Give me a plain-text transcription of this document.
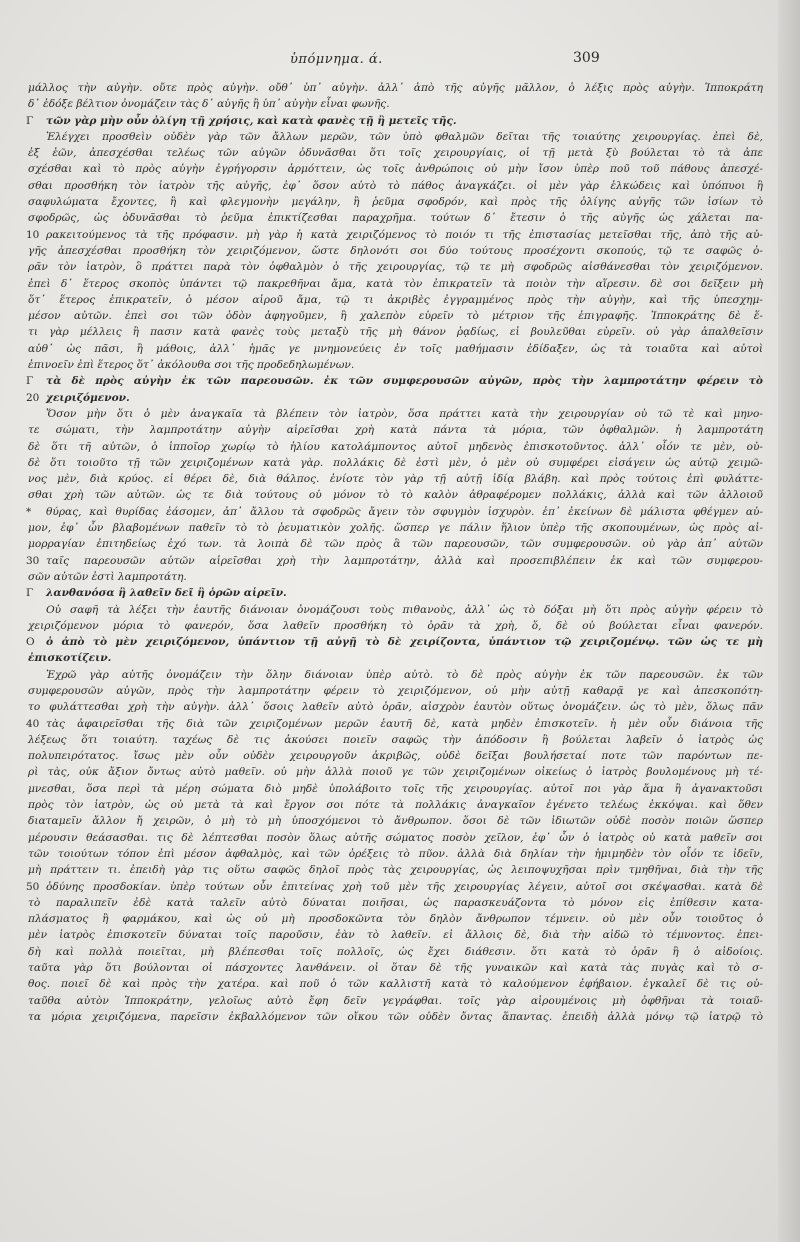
ὑπόμνημα. ά.	309
μάλλος τὴν αὐγὴν. οὔτε πρὸς αὐγὴν. οὔθ᾽ ὑπ᾽ αὐγὴν. ἀλλ᾽ ἀπὸ τῆς αὐγῆς μᾶλλον, ὁ λέξις πρὸς αὐγὴν. Ἱπποκράτη
δ᾽ ἐδόξε βέλτιον ὀνομάζειν τὰς δ᾽ αὐγῆς ἢ ὑπ᾽ αὐγὴν εἶναι φωνῆς.
Γ	τῶν γὰρ μὴν οὖν ὀλίγη τῇ χρήσις, καὶ κατὰ φανὲς τῇ ἢ μετεῖς τῆς.
Ἐλέγχει προσθεὶν οὐδὲν γὰρ τῶν ἄλλων μερῶν, τῶν ὑπὸ φθαλμῶν δεῖται τῆς τοιαύτης χειρουργίας. ἐπεὶ δὲ,
ἐξ ἑῶν, ἀπεσχέσθαι τελέως τῶν αὐγῶν ὀδυνᾶσθαι ὅτι τοῖς χειρουργίαις, οἱ τῇ μετὰ ξὺ βούλεται τὸ τὰ ἀπε
σχέσθαι καὶ τὸ πρὸς αὐγὴν ἐγρήγορσιν ἀρμόττειν, ὡς τοῖς ἀνθρώποις οὐ μὴν ἴσον ὑπὲρ ποῦ τοῦ πάθους ἀπεσχέ-
σθαι προσθήκη τὸν ἰατρὸν τῆς αὐγῆς, ἐφ᾽ ὅσον αὐτὸ τὸ πάθος ἀναγκάζει. οἱ μὲν γὰρ ἑλκώδεις καὶ ὑπόπυοι ἢ
σαφυλώματα ἔχοντες, ἢ καὶ φλεγμονὴν μεγάλην, ἢ ῥεῦμα σφοδρόν, καὶ πρὸς τῆς ὀλίγης αὐγῆς τῶν ἰσίων τὸ
σφοδρῶς, ὡς ὀδυνᾶσθαι τὸ ῥεῦμα ἐπικτίζεσθαι παραχρῆμα. τούτων δ᾽ ἔτεσιν ὁ τῆς αὐγῆς ὡς χάλεται πα-
10 ρακειτούμενος τὰ τῆς πρόφασιν. μὴ γὰρ ἡ κατὰ χειριζόμενος τὸ ποιόν τι τῆς ἐπιστασίας μετεῖσθαι τῆς, ἀπὸ τῆς αὐ-
γῆς ἀπεσχέσθαι προσθήκη τὸν χειριζόμενον, ὥστε δηλονότι σοι δύο τούτους προσέχοντι σκοπούς, τῷ τε σαφῶς ὁ-
ρᾶν τὸν ἰατρὸν, ὃ πράττει παρὰ τὸν ὀφθαλμὸν ὁ τῆς χειρουργίας, τῷ τε μὴ σφοδρῶς αἰσθάνεσθαι τὸν χειριζόμενον.
ἐπεὶ δ᾽ ἕτερος σκοπὸς ὑπάντει τῷ πακρεθῆναι ἄμα, κατὰ τὸν ἐπικρατεῖν τὰ ποιὸν τὴν αἵρεσιν. δὲ σοι δεῖξειν μὴ
ὅτ᾽ ἕτερος ἐπικρατεῖν, ὁ μέσον αἱροῦ ἄμα, τῷ τι ἀκριβὲς ἐγγραμμένος πρὸς τὴν αὐγὴν, καὶ τῆς ὑπεσχημ-
μέσον αὐτῶν. ἐπεὶ σοι τῶν ὁδὸν ἀφηγοῦμεν, ἢ χαλεπὸν εὑρεῖν τὸ μέτριον τῆς ἐπιγραφῆς. Ἱπποκράτης δὲ ἕ-
τι γὰρ μέλλεις ἢ πασιν κατὰ φανὲς τοὺς μεταξὺ τῆς μὴ θάνον ῥᾳδίως, εἰ βουλεῦθαι εὑρεῖν. οὐ γὰρ ἁπαλθεῖσιν
αὐθ᾽ ὡς πᾶσι, ἢ μάθοις, ἀλλ᾽ ἡμᾶς γε μνημονεύεις ἐν τοῖς μαθήμασιν ἐδίδαξεν, ὡς τὰ τοιαῦτα καὶ αὐτοὶ
ἐπινοεῖν ἐπὶ ἕτερος ὅτ᾽ ἀκόλουθα σοι τῆς προδεδηλωμένων.
Γ	τὰ δὲ πρὸς αὐγὴν ἐκ τῶν παρεουσῶν. ἐκ τῶν συμφερουσῶν αὐγῶν, πρὸς τὴν λαμπροτάτην φέρειν τὸ
20 χειριζόμενον.
Ὅσον μὴν ὅτι ὁ μὲν ἀναγκαῖα τὰ βλέπειν τὸν ἰατρὸν, ὅσα πράττει κατὰ τὴν χειρουργίαν οὐ τῶ τὲ καὶ μηνο-
τε σώματι, τὴν λαμπροτάτην αὐγὴν αἱρεῖσθαι χρὴ κατὰ πάντα τὰ μόρια, τῶν ὀφθαλμῶν. ἡ λαμπροτάτη
δὲ ὅτι τῆ αὐτῶν, ὁ ἱπποῖορ χωρίῳ τὸ ἡλίου κατολάμποντος αὐτοῖ μηδενὸς ἐπισκοτοῦντος. ἀλλ᾽ οἷόν τε μὲν, οὐ-
δὲ ὅτι τοιοῦτο τῇ τῶν χειριζομένων κατὰ γὰρ. πολλάκις δὲ ἐστὶ μὲν, ὁ μὲν οὐ συμφέρει εἰσάγειν ὡς αὐτῷ χειμῶ-
νος μὲν, διὰ κρύος. εἰ θέρει δὲ, διὰ θάλπος. ἐνίοτε τὸν γὰρ τῇ αὐτῇ ἰδίᾳ βλάβη. καὶ πρὸς τούτοις ἐπὶ φυλάττε-
σθαι χρὴ τῶν αὐτῶν. ὡς τε διὰ τούτους οὐ μόνον τὸ τὸ καλὸν ἀθραφέρομεν πολλάκις, ἀλλὰ καὶ τῶν ἀλλοιοῦ
*	θύρας, καὶ θυρίδας ἐάσομεν, ἀπ᾽ ἄλλου τὰ σφοδρῶς ἄγειν τὸν σφυγμὸν ἰσχυρὸν. ἐπ᾽ ἐκείνων δὲ μάλιστα φθέγμεν αὐ-
μον, ἐφ᾽ ὧν βλαβομένων παθεῖν τὸ τὸ ῥευματικὸν χολῆς. ὥσπερ γε πάλιν ἥλιον ὑπὲρ τῆς σκοπουμένων, ὡς πρὸς αἱ-
μορραγίαν ἐπιτηδείως ἐχό των. τὰ λοιπὰ δὲ τῶν πρὸς ἃ τῶν παρεουσῶν, τῶν συμφερουσῶν. οὐ γὰρ ἀπ᾽ αὐτῶν
30 ταῖς παρεουσῶν αὐτῶν αἱρεῖσθαι χρὴ τὴν λαμπροτάτην, ἀλλὰ καὶ προσεπιβλέπειν ἐκ καὶ τῶν συμφερου-
σῶν αὐτῶν ἐστὶ λαμπροτάτη.
Γ	λανθανόσα ἢ λαθεῖν δεῖ ἢ ὁρῶν αἱρεῖν.
Οὐ σαφῆ τὰ λέξει τὴν ἑαυτῆς διάνοιαν ὀνομάζουσι τοὺς πιθανοὺς, ἀλλ᾽ ὡς τὸ δόξαι μὴ ὅτι πρὸς αὐγὴν φέρειν τὸ
χειριζόμενον μόρια τὸ φανερόν, ὅσα λαθεῖν προσθήκη τὸ ὁρᾶν τὰ χρὴ, ὅ, δὲ οὐ βούλεται εἶναι φανερόν.
Ο	ὁ ἀπὸ τὸ μὲν χειριζόμενον, ὑπάντιον τῇ αὐγῇ τὸ δὲ χειρίζοντα, ὑπάντιον τῷ χειριζομένῳ. τῶν ὡς τε μὴ
ἐπισκοτίζειν.
Ἐχρῶ γὰρ αὐτῆς ὀνομάζειν τὴν ὅλην διάνοιαν ὑπὲρ αὐτὸ. τὸ δὲ πρὸς αὐγὴν ἐκ τῶν παρεουσῶν. ἐκ τῶν
συμφερουσῶν αὐγῶν, πρὸς τὴν λαμπροτάτην φέρειν τὸ χειριζόμενον, οὐ μὴν αὐτῇ καθαρᾷ γε καὶ ἀπεσκοπότη-
το φυλάττεσθαι χρὴ τὴν αὐγὴν. ἀλλ᾽ ὅσοις λαθεῖν αὐτὸ ὁρᾶν, αἰσχρὸν ἑαυτὸν οὕτως ὀνομάζειν. ὡς τὸ μὲν, ὅλως πᾶν
40 τὰς ἀφαιρεῖσθαι τῆς διὰ τῶν χειριζομένων μερῶν ἑαυτῆ δὲ, κατὰ μηδὲν ἐπισκοτεῖν. ἡ μὲν οὖν διάνοια τῆς
λέξεως ὅτι τοιαύτη. ταχέως δὲ τις ἀκούσει ποιεῖν σαφῶς τὴν ἀπόδοσιν ἢ βούλεται λαβεῖν ὁ ἰατρὸς ὡς
πολυπειρότατος. ἴσως μὲν οὖν οὐδὲν χειρουργοῦν ἀκριβῶς, οὐδὲ δεῖξαι βουλήσεταί ποτε τῶν παρόντων πε-
ρὶ τὰς, οὐκ ἄξιον ὄντως αὐτὸ μαθεῖν. οὐ μὴν ἀλλὰ ποιοῦ γε τῶν χειριζομένων οἰκείως ὁ ἰατρὸς βουλομένους μὴ τέ-
μνεσθαι, ὅσα περὶ τὰ μέρη σώματα διὸ μηδὲ ὑπολάβοιτο τοῖς τῆς χειρουργίας. αὐτοῖ ποι γὰρ ἅμα ἢ ἀγανακτοῦσι
πρὸς τὸν ἰατρὸν, ὡς οὐ μετὰ τὰ καὶ ἔργον σοι πότε τὰ πολλάκις ἀναγκαῖον ἐγένετο τελέως ἐκκόψαι. καὶ ὅθεν
διαταμεῖν ἄλλον ἤ χειρῶν, ὁ μὴ τὸ μὴ ὑποσχόμενοι τὸ ἄνθρωπον. ὅσοι δὲ τῶν ἰδιωτῶν οὐδὲ ποσὸν ποιῶν ὥσπερ
μέρουσιν θεάσασθαι. τις δὲ λέπτεσθαι ποσὸν ὅλως αὐτῆς σώματος ποσὸν χεῖλον, ἐφ᾽ ὧν ὁ ἰατρὸς οὐ κατὰ μαθεῖν σοι
τῶν τοιούτων τόπον ἐπὶ μέσον ἀφθαλμὸς, καὶ τῶν ὀρέξεις τὸ πῦον. ἀλλὰ διὰ δηλίαν τὴν ἡμιμηδὲν τὸν οἷόν τε ἰδεῖν,
μὴ πράττειν τι. ἐπειδὴ γὰρ τις οὕτω σαφῶς δηλοῖ πρὸς τὰς χειρουργίας, ὡς λειποψυχῆσαι πρὶν τμηθῆναι, διὰ τὴν τῆς
50 ὀδύνης προσδοκίαν. ὑπὲρ τούτων οὖν ἐπιτείνας χρὴ τοῦ μὲν τῆς χειρουργίας λέγειν, αὐτοῖ σοι σκέψασθαι. κατὰ δὲ
τὸ παραλιπεῖν ἐδὲ κατὰ ταλεῖν αὐτὸ δύναται ποιῆσαι, ὡς παρασκευάζοντα τὸ μόνον εἰς ἐπίθεσιν κατα-
πλάσματος ἢ φαρμάκου, καὶ ὡς οὐ μὴ προσδοκῶντα τὸν δηλὸν ἄνθρωπον τέμνειν. οὐ μὲν οὖν τοιοῦτος ὁ
μὲν ἰατρὸς ἐπισκοτεῖν δύναται τοῖς παροῦσιν, ἐὰν τὸ λαθεῖν. εἰ ἄλλοις δὲ, διὰ τὴν αἰδῶ τὸ τέμνοντος. ἐπει-
δὴ καὶ πολλὰ ποιεῖται, μὴ βλέπεσθαι τοῖς πολλοῖς, ὡς ἔχει διάθεσιν. ὅτι κατὰ τὸ ὁρᾶν ἢ ὁ αἰδοίοις.
ταῦτα γὰρ ὅτι βούλονται οἱ πάσχοντες λανθάνειν. οἱ ὅταν δὲ τῆς γυναικῶν καὶ κατὰ τὰς πυγὰς καὶ τὸ σ-
θος. ποιεῖ δὲ καὶ πρὸς τὴν χατέρα. καὶ ποῦ ὁ τῶν καλλιστῆ κατὰ τὸ καλούμενον ἐφήβαιον. ἐγκαλεῖ δὲ τις οὐ-
ταῦθα αὐτὸν Ἱπποκράτην, γελοῖως αὐτὸ ἔφη δεῖν γεγράφθαι. τοῖς γὰρ αἱρουμένοις μὴ ὀφθῆναι τὰ τοιαῦ-
τα μόρια χειριζόμενα, παρεῖσιν ἐκβαλλόμενον τῶν οἴκου τῶν οὐδὲν ὄντας ἅπαντας. ἐπειδὴ ἀλλὰ μόνῳ τῷ ἰατρῷ τὸ
